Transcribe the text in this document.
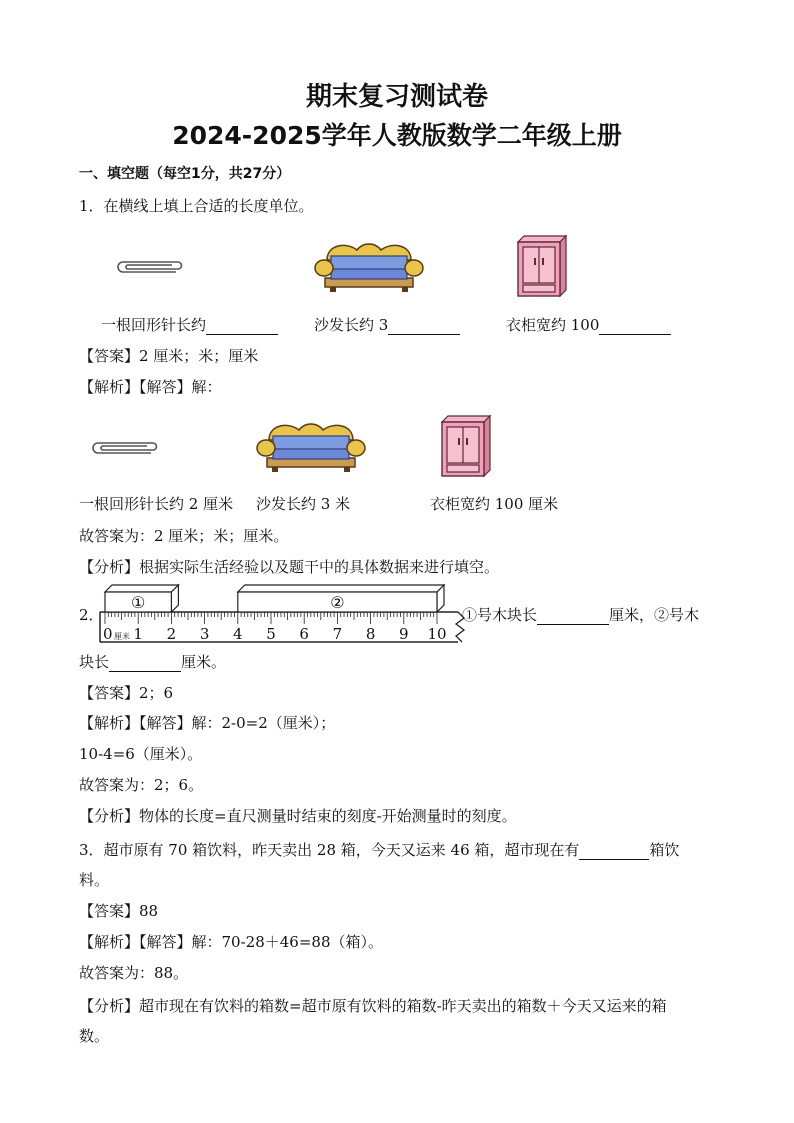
期末复习测试卷
2024-2025学年人教版数学二年级上册
一、填空题（每空1分，共27分）
1．在横线上填上合适的长度单位。
一根回形针长约	沙发长约 3	衣柜宽约 100
【答案】2 厘米；米；厘米
【解析】【解答】解：
一根回形针长约 2 厘米 沙发长约 3 米	衣柜宽约 100 厘米
故答案为：2 厘米；米；厘米。
【分析】根据实际生活经验以及题干中的具体数据来进行填空。
2．
0 1 2 3 4 5 6 7 8 9 10
厘米
①	②
①号木块长	厘米，②号木
块长	厘米。
【答案】2；6
【解析】【解答】解：2-0=2（厘米）；
10-4=6（厘米）。
故答案为：2；6。
【分析】物体的长度=直尺测量时结束的刻度-开始测量时的刻度。
3．超市原有 70 箱饮料，昨天卖出 28 箱，今天又运来 46 箱，超市现在有	箱饮
料。
【答案】88
【解析】【解答】解：70-28＋46=88（箱）。
故答案为：88。
【分析】超市现在有饮料的箱数=超市原有饮料的箱数-昨天卖出的箱数＋今天又运来的箱
数。
